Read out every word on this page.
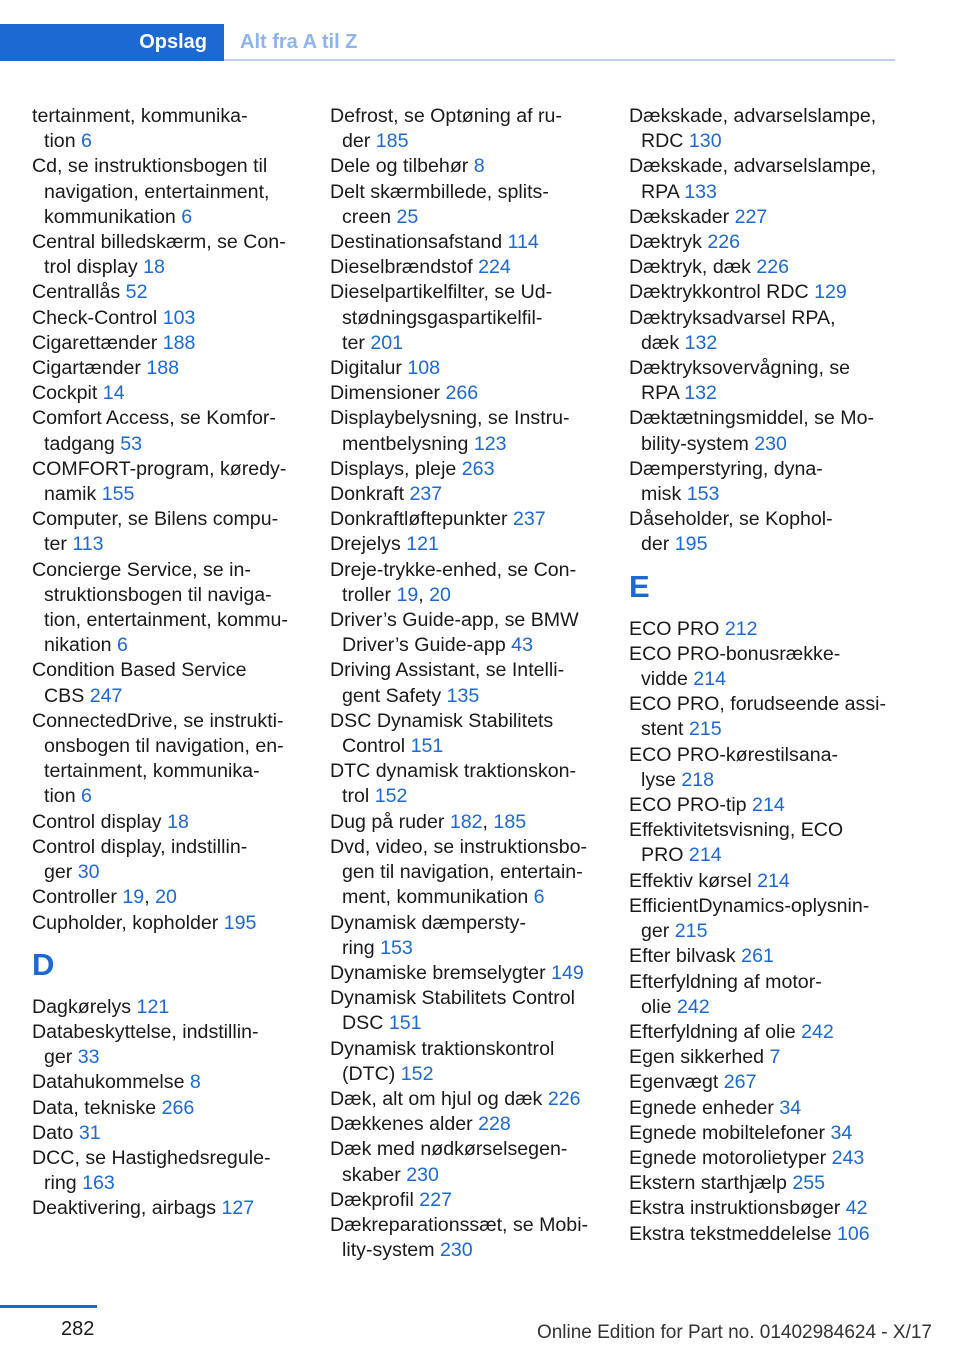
Opslag	Alt fra A til Z
tertainment, kommunika-
tion 6
Cd, se instruktionsbogen til
navigation, entertainment,
kommunikation 6
Central billedskærm, se Con-
trol display 18
Centrallås 52
Check-Control 103
Cigarettænder 188
Cigartænder 188
Cockpit 14
Comfort Access, se Komfor-
tadgang 53
COMFORT-program, køredy-
namik 155
Computer, se Bilens compu-
ter 113
Concierge Service, se in-
struktionsbogen til naviga-
tion, entertainment, kommu-
nikation 6
Condition Based Service
CBS 247
ConnectedDrive, se instrukti-
onsbogen til navigation, en-
tertainment, kommunika-
tion 6
Control display 18
Control display, indstillin-
ger 30
Controller 19, 20
Cupholder, kopholder 195
D
Dagkørelys 121
Databeskyttelse, indstillin-
ger 33
Datahukommelse 8
Data, tekniske 266
Dato 31
DCC, se Hastighedsregule-
ring 163
Deaktivering, airbags 127
Defrost, se Optøning af ru-
der 185
Dele og tilbehør 8
Delt skærmbillede, splits-
creen 25
Destinationsafstand 114
Dieselbrændstof 224
Dieselpartikelfilter, se Ud-
stødningsgaspartikelfil-
ter 201
Digitalur 108
Dimensioner 266
Displaybelysning, se Instru-
mentbelysning 123
Displays, pleje 263
Donkraft 237
Donkraftløftepunkter 237
Drejelys 121
Dreje-trykke-enhed, se Con-
troller 19, 20
Driver’s Guide-app, se BMW
Driver’s Guide-app 43
Driving Assistant, se Intelli-
gent Safety 135
DSC Dynamisk Stabilitets
Control 151
DTC dynamisk traktionskon-
trol 152
Dug på ruder 182, 185
Dvd, video, se instruktionsbo-
gen til navigation, entertain-
ment, kommunikation 6
Dynamisk dæmpersty-
ring 153
Dynamiske bremselygter 149
Dynamisk Stabilitets Control
DSC 151
Dynamisk traktionskontrol
(DTC) 152
Dæk, alt om hjul og dæk 226
Dækkenes alder 228
Dæk med nødkørselsegen-
skaber 230
Dækprofil 227
Dækreparationssæt, se Mobi-
lity-system 230
Dækskade, advarselslampe,
RDC 130
Dækskade, advarselslampe,
RPA 133
Dækskader 227
Dæktryk 226
Dæktryk, dæk 226
Dæktrykkontrol RDC 129
Dæktryksadvarsel RPA,
dæk 132
Dæktryksovervågning, se
RPA 132
Dæktætningsmiddel, se Mo-
bility-system 230
Dæmperstyring, dyna-
misk 153
Dåseholder, se Kophol-
der 195
E
ECO PRO 212
ECO PRO-bonusrække-
vidde 214
ECO PRO, forudseende assi-
stent 215
ECO PRO-kørestilsana-
lyse 218
ECO PRO-tip 214
Effektivitetsvisning, ECO
PRO 214
Effektiv kørsel 214
EfficientDynamics-oplysnin-
ger 215
Efter bilvask 261
Efterfyldning af motor-
olie 242
Efterfyldning af olie 242
Egen sikkerhed 7
Egenvægt 267
Egnede enheder 34
Egnede mobiltelefoner 34
Egnede motorolietyper 243
Ekstern starthjælp 255
Ekstra instruktionsbøger 42
Ekstra tekstmeddelelse 106
282	Online Edition for Part no. 01402984624 - X/17
